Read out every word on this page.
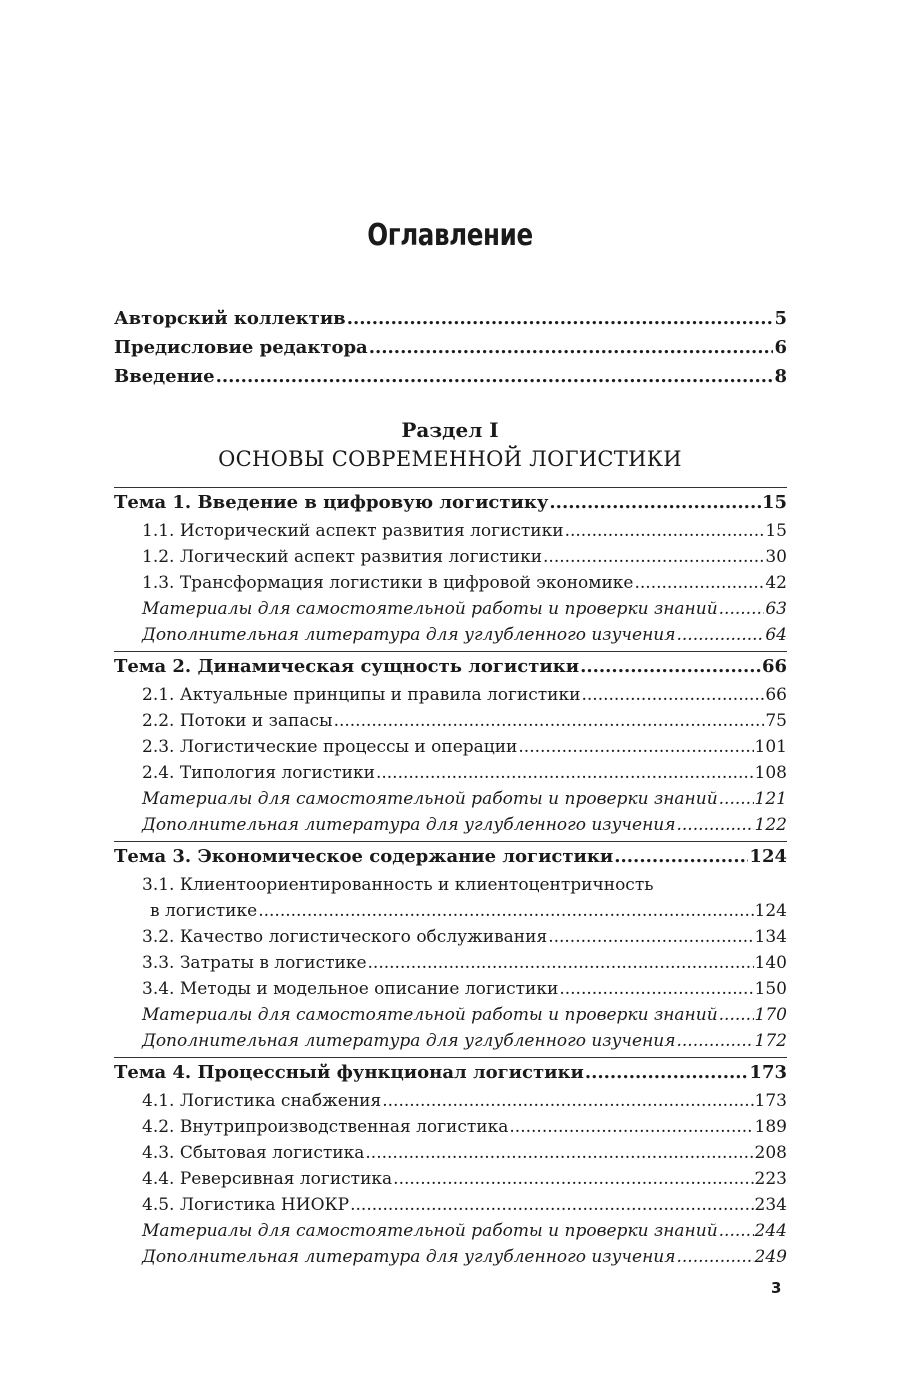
Оглавление
Авторский коллектив .....	5
Предисловие редактора .....	6
Введение .....	8
Раздел I
ОСНОВЫ СОВРЕМЕННОЙ ЛОГИСТИКИ
Тема 1. Введение в цифровую логистику .....	15
1.1. Исторический аспект развития логистики .....	15
1.2. Логический аспект развития логистики .....	30
1.3. Трансформация логистики в цифровой экономике .....	42
Материалы для самостоятельной работы и проверки знаний .....	63
Дополнительная литература для углубленного изучения .....	64
Тема 2. Динамическая сущность логистики .....	66
2.1. Актуальные принципы и правила логистики .....	66
2.2. Потоки и запасы .....	75
2.3. Логистические процессы и операции .....	101
2.4. Типология логистики .....	108
Материалы для самостоятельной работы и проверки знаний ..... 121
Дополнительная литература для углубленного изучения .....	122
Тема 3. Экономическое содержание логистики .....	124
3.1. Клиентоориентированность и клиентоцентричность
в логистике .....	124
3.2. Качество логистического обслуживания .....	134
3.3. Затраты в логистике .....	140
3.4. Методы и модельное описание логистики .....	150
Материалы для самостоятельной работы и проверки знаний ..... 170
Дополнительная литература для углубленного изучения .....	172
Тема 4. Процессный функционал логистики .....	173
4.1. Логистика снабжения .....	173
4.2. Внутрипроизводственная логистика .....	189
4.3. Сбытовая логистика .....	208
4.4. Реверсивная логистика .....	223
4.5. Логистика НИОКР .....	234
Материалы для самостоятельной работы и проверки знаний ..... 244
Дополнительная литература для углубленного изучения .....	249
3
